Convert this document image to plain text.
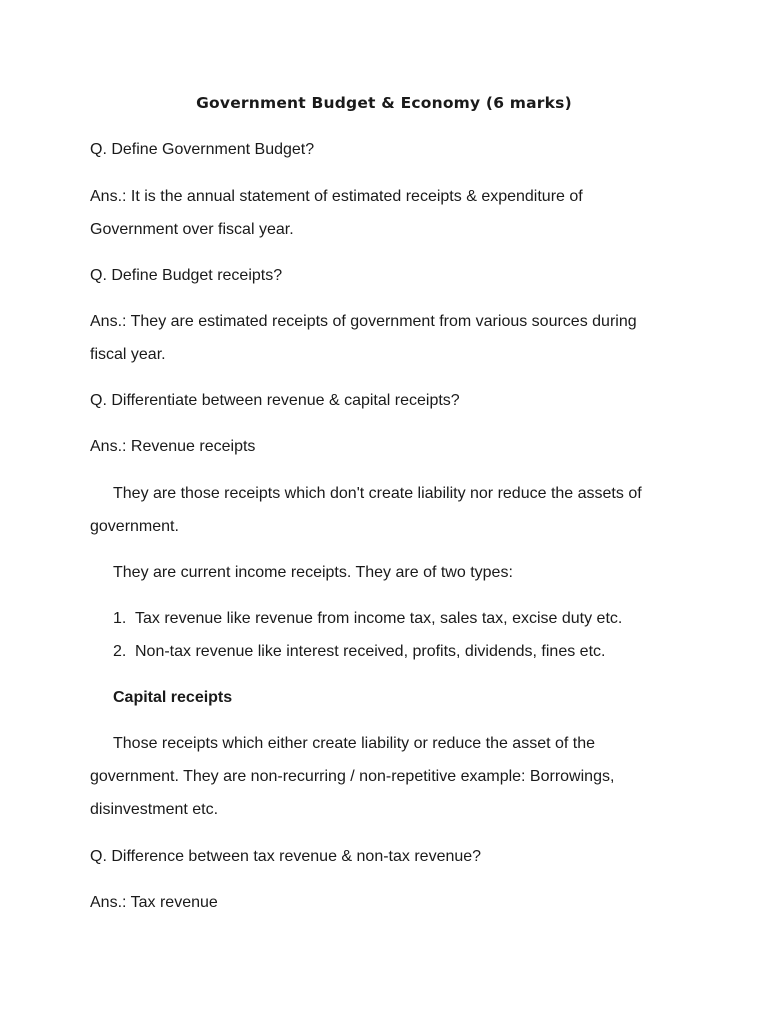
Government Budget & Economy (6 marks)

Q. Define Government Budget?

Ans.: It is the annual statement of estimated receipts & expenditure of

Government over fiscal year.

Q. Define Budget receipts?

Ans.: They are estimated receipts of government from various sources during

fiscal year.

Q. Differentiate between revenue & capital receipts?

Ans.: Revenue receipts

They are those receipts which don't create liability nor reduce the assets of

government.

They are current income receipts. They are of two types:

1. Tax revenue like revenue from income tax, sales tax, excise duty etc.
2. Non-tax revenue like interest received, profits, dividends, fines etc.

Capital receipts

Those receipts which either create liability or reduce the asset of the

government. They are non-recurring / non-repetitive example: Borrowings,

disinvestment etc.

Q. Difference between tax revenue & non-tax revenue?

Ans.: Tax revenue
